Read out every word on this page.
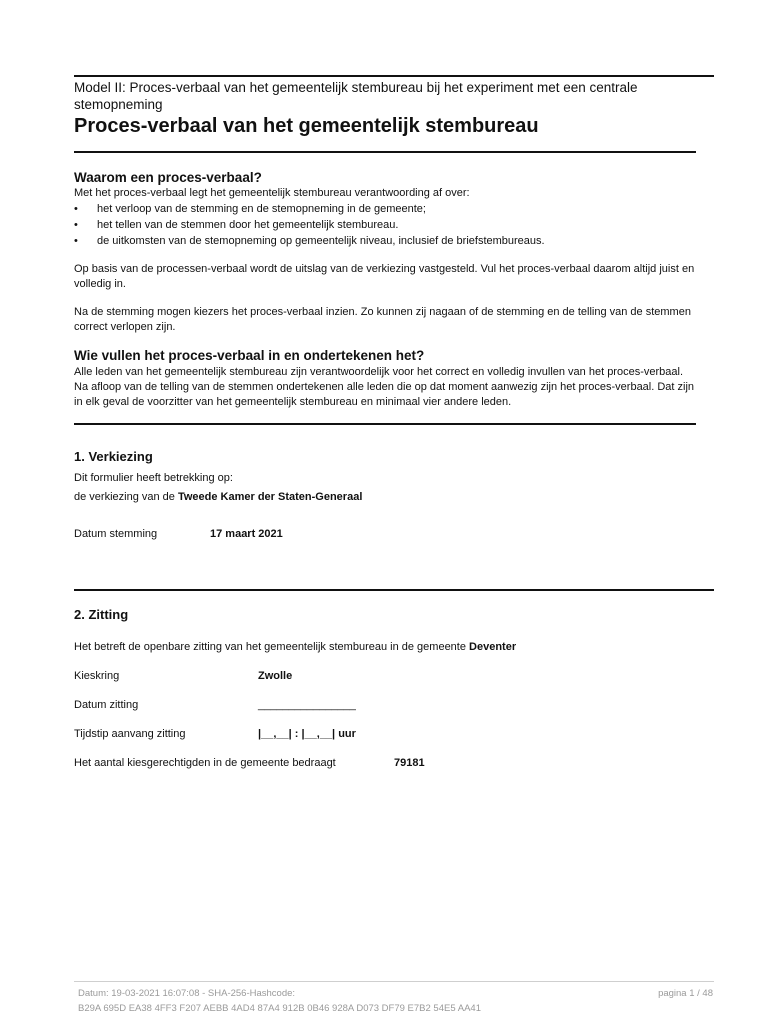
Model II: Proces-verbaal van het gemeentelijk stembureau bij het experiment met een centrale stemopneming
Proces-verbaal van het gemeentelijk stembureau
Waarom een proces-verbaal?
Met het proces-verbaal legt het gemeentelijk stembureau verantwoording af over:
• het verloop van de stemming en de stemopneming in de gemeente;
• het tellen van de stemmen door het gemeentelijk stembureau.
• de uitkomsten van de stemopneming op gemeentelijk niveau, inclusief de briefstembureaus.
Op basis van de processen-verbaal wordt de uitslag van de verkiezing vastgesteld. Vul het proces-verbaal daarom altijd juist en volledig in.
Na de stemming mogen kiezers het proces-verbaal inzien. Zo kunnen zij nagaan of de stemming en de telling van de stemmen correct verlopen zijn.
Wie vullen het proces-verbaal in en ondertekenen het?
Alle leden van het gemeentelijk stembureau zijn verantwoordelijk voor het correct en volledig invullen van het proces-verbaal. Na afloop van de telling van de stemmen ondertekenen alle leden die op dat moment aanwezig zijn het proces-verbaal. Dat zijn in elk geval de voorzitter van het gemeentelijk stembureau en minimaal vier andere leden.
1. Verkiezing
Dit formulier heeft betrekking op:
de verkiezing van de Tweede Kamer der Staten-Generaal
Datum stemming	17 maart 2021
2. Zitting
Het betreft de openbare zitting van het gemeentelijk stembureau in de gemeente Deventer
Kieskring	Zwolle
Datum zitting	________________
Tijdstip aanvang zitting	|__,__| : |__,__| uur
Het aantal kiesgerechtigden in de gemeente bedraagt	79181
Datum: 19-03-2021 16:07:08 - SHA-256-Hashcode:
B29A 695D EA38 4FF3 F207 AEBB 4AD4 87A4 912B 0B46 928A D073 DF79 E7B2 54E5 AA41
pagina 1 / 48
